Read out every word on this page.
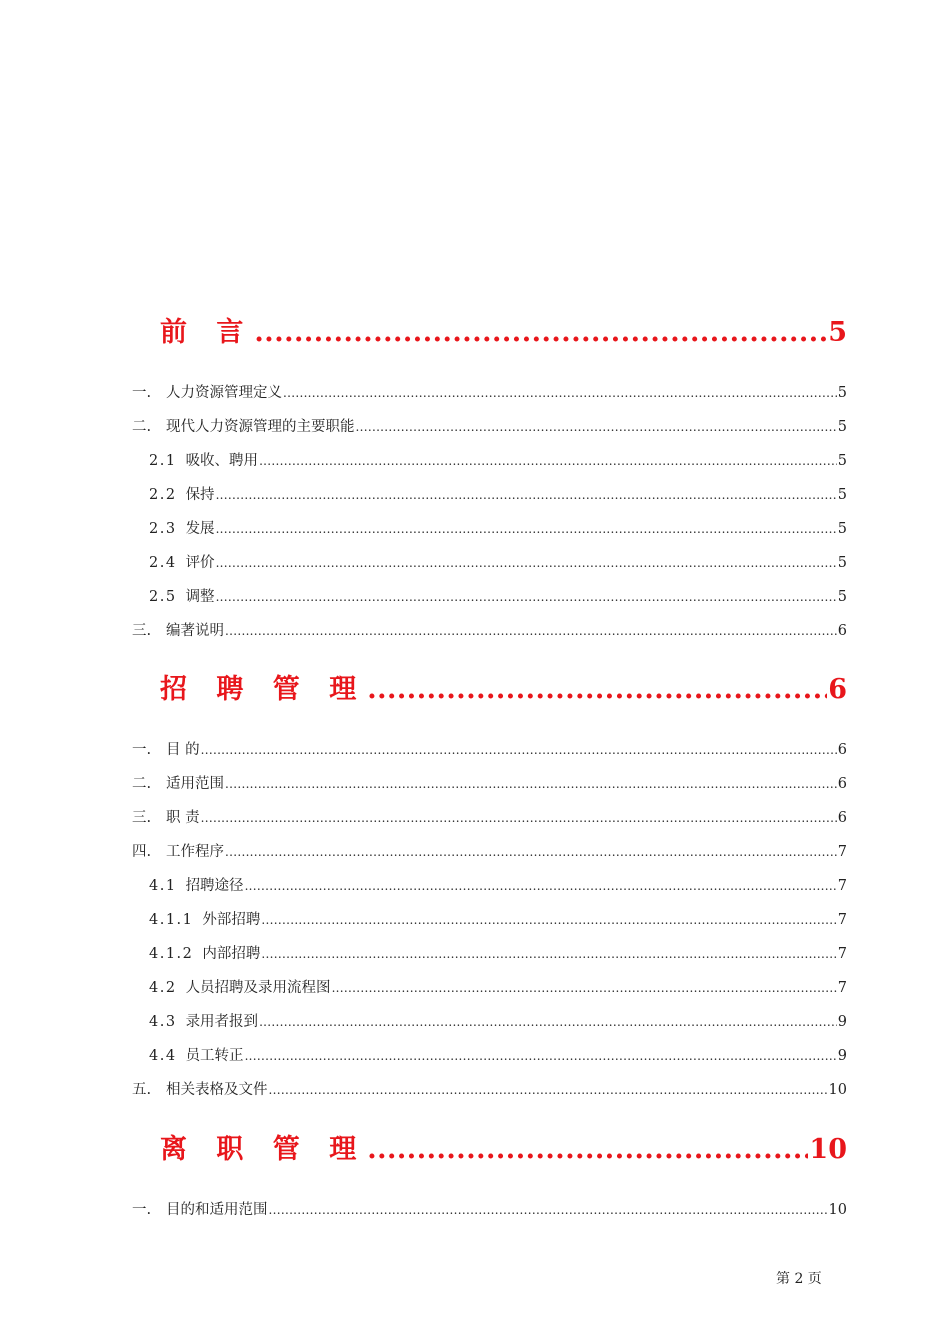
前 言 .....	5
一. 人力资源管理定义 .....	5
二. 现代人力资源管理的主要职能 .....	5
2.1 吸收、聘用 .....	5
2.2 保持 .....	5
2.3 发展 .....	5
2.4 评价 .....	5
2.5 调整 .....	5
三. 编著说明 .....	6
招 聘 管 理 .....	6
一. 目 的 .....	6
二. 适用范围 .....	6
三. 职 责 .....	6
四. 工作程序 .....	7
4.1 招聘途径 .....	7
4.1.1 外部招聘 .....	7
4.1.2 内部招聘 .....	7
4.2 人员招聘及录用流程图 .....	7
4.3 录用者报到 .....	9
4.4 员工转正 .....	9
五. 相关表格及文件 .....	10
离 职 管 理 .....	10
一. 目的和适用范围 .....	10
第 2 页
